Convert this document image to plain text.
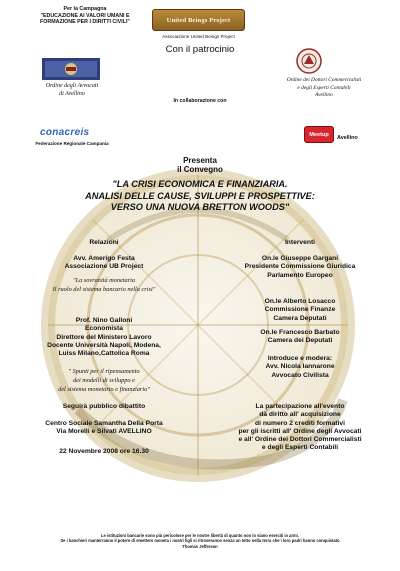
Per la Campagna
"EDUCAZIONE AI VALORI UMANI E
FORMAZIONE PER I DIRITTI CIVILI"	United Beings Project
Associazione United Beings Project
Con il patrocinio
Ordine degli Avvocati
di Avellino
Ordine dei Dottori Commercialisti
e degli Esperti Contabili
Avellino
In collaborazione con
conacreis
Federazione Regionale Campania
Meetup
Avellino
Presenta
il Convegno
"LA CRISI ECONOMICA E FINANZIARIA.
ANALISI DELLE CAUSE, SVILUPPI E PROSPETTIVE:
VERSO UNA NUOVA BRETTON WOODS"
Relazioni
Avv. Amerigo Festa
Associazione UB Project
"La sovranità monetaria
Il ruolo del sistema bancario nella crisi"
Prof. Nino Galloni
Economista
Direttore del Ministero Lavoro
Docente Università Napoli, Modena,
Luiss Milano,Cattolica Roma
" Spunti per il ripensamento
dei modelli di sviluppo e
del sistema monetario e finanziario"
Seguirà pubblico dibattito
Centro Sociale Samantha Della Porta
Via Morelli e Silvati AVELLINO
22 Novembre 2008 ore 16.30
Interventi
On.le Giuseppe Gargani
Presidente Commissione Giuridica
Parlamento Europeo
On.le Alberto Losacco
Commissione Finanze
Camera Deputati
On.le Francesco Barbato
Camera dei Deputati
Introduce e modera:
Avv. Nicola Iannarone
Avvocato Civilista
La partecipazione all'evento
dà diritto all' acquisizione
di numero 2 crediti formativi
per gli iscritti all' Ordine degli Avvocati
e all' Ordine dei Dottori Commercialisti
e degli Esperti Contabili
Le istituzioni bancarie sono più pericolose per le nostre libertà di quanto non lo siano eserciti in armi.
Se i banchieri manterranno il potere di emettere moneta i nostri figli si ritroveranno senza un tetto nella terra che i loro padri hanno conquistato
Thomas Jefferson
